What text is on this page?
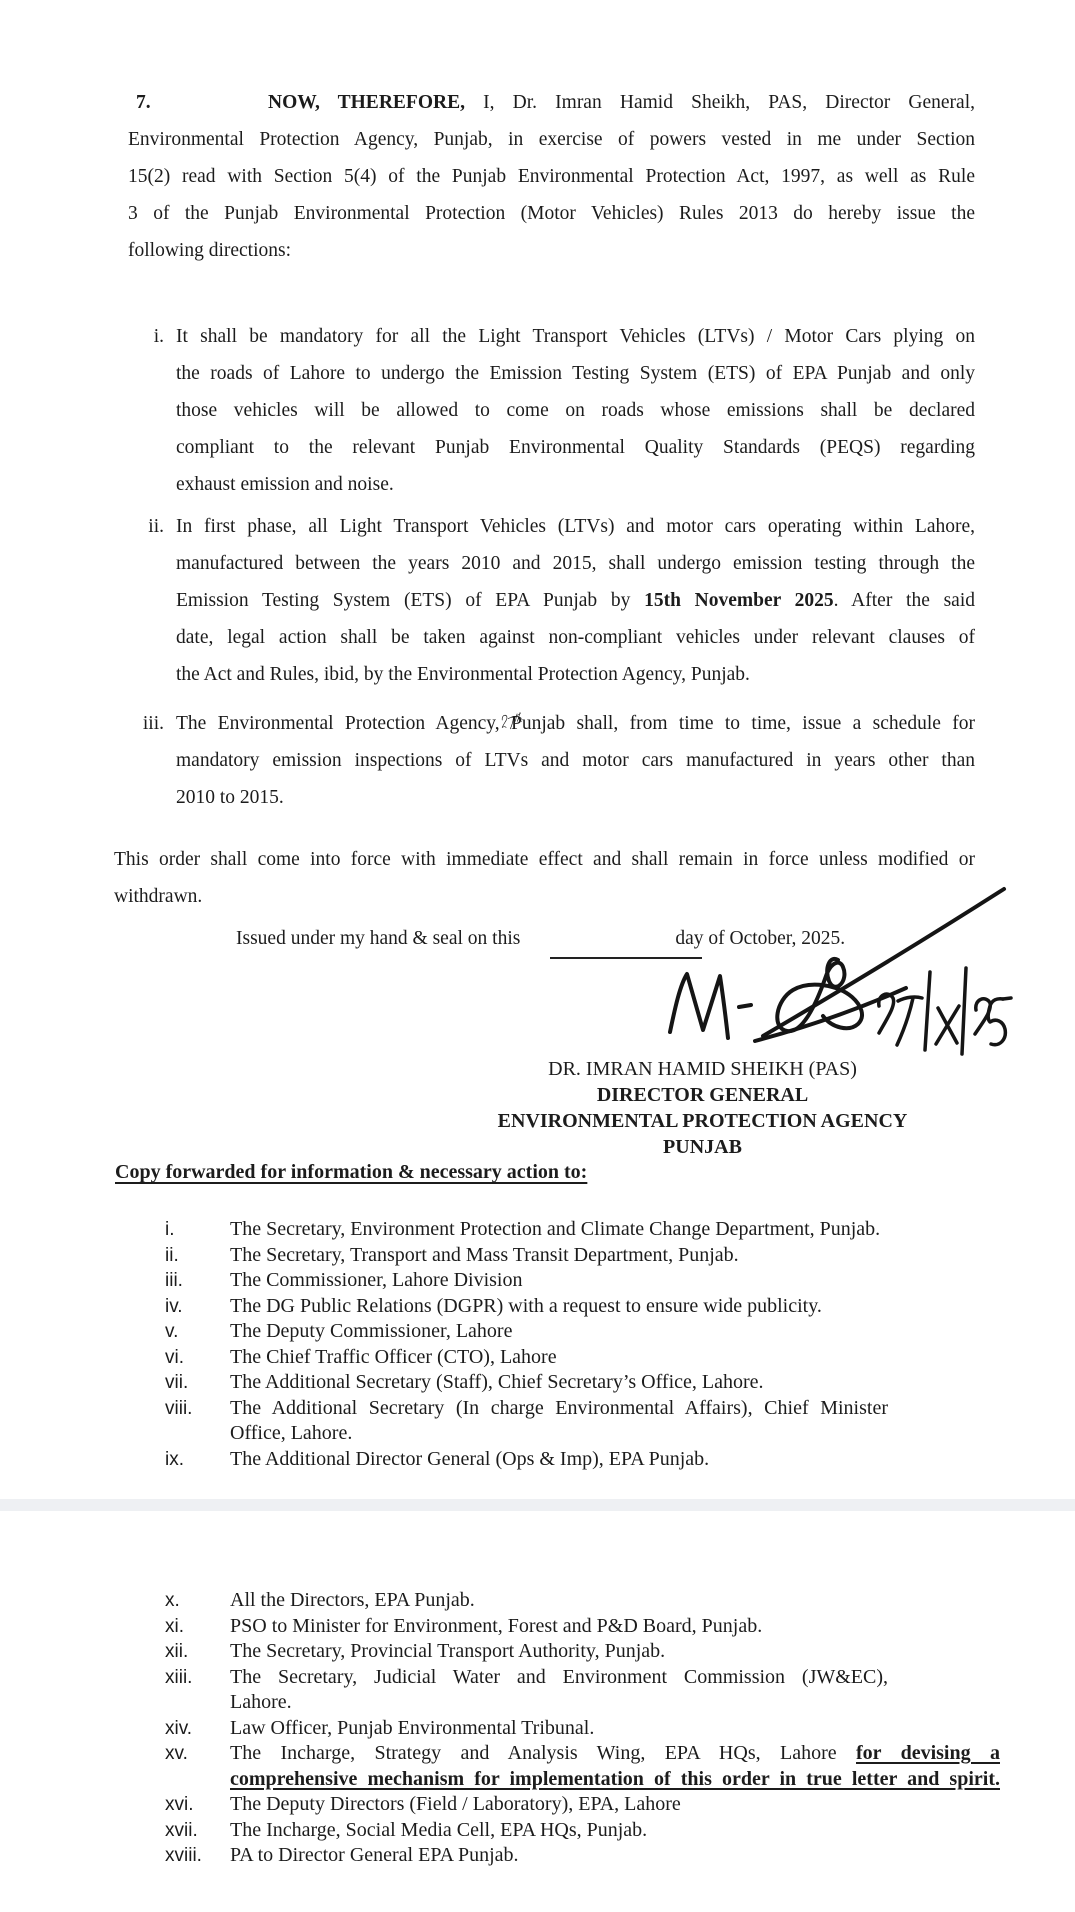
7.	NOW, THEREFORE, I, Dr. Imran Hamid Sheikh, PAS, Director General,
Environmental Protection Agency, Punjab, in exercise of powers vested in me under Section
15(2) read with Section 5(4) of the Punjab Environmental Protection Act, 1997, as well as Rule
3 of the Punjab Environmental Protection (Motor Vehicles) Rules 2013 do hereby issue the
following directions:
i. It shall be mandatory for all the Light Transport Vehicles (LTVs) / Motor Cars plying on
the roads of Lahore to undergo the Emission Testing System (ETS) of EPA Punjab and only
those vehicles will be allowed to come on roads whose emissions shall be declared
compliant to the relevant Punjab Environmental Quality Standards (PEQS) regarding
exhaust emission and noise.
ii. In first phase, all Light Transport Vehicles (LTVs) and motor cars operating within Lahore,
manufactured between the years 2010 and 2015, shall undergo emission testing through the
Emission Testing System (ETS) of EPA Punjab by 15th November 2025. After the said
date, legal action shall be taken against non-compliant vehicles under relevant clauses of
the Act and Rules, ibid, by the Environmental Protection Agency, Punjab.
iii. The Environmental Protection Agency, Punjab shall, from time to time, issue a schedule for
mandatory emission inspections of LTVs and motor cars manufactured in years other than
2010 to 2015.
This order shall come into force with immediate effect and shall remain in force unless modified or
withdrawn.
Issued under my hand & seal on this	day of October, 2025.
DR. IMRAN HAMID SHEIKH (PAS)
DIRECTOR GENERAL
ENVIRONMENTAL PROTECTION AGENCY
PUNJAB
Copy forwarded for information & necessary action to:
i.	The Secretary, Environment Protection and Climate Change Department, Punjab.
ii.	The Secretary, Transport and Mass Transit Department, Punjab.
iii. The Commissioner, Lahore Division
iv. The DG Public Relations (DGPR) with a request to ensure wide publicity.
v.	The Deputy Commissioner, Lahore
vi. The Chief Traffic Officer (CTO), Lahore
vii. The Additional Secretary (Staff), Chief Secretary’s Office, Lahore.
viii. The Additional Secretary (In charge Environmental Affairs), Chief Minister
Office, Lahore.
ix. The Additional Director General (Ops & Imp), EPA Punjab.
x.	All the Directors, EPA Punjab.
xi. PSO to Minister for Environment, Forest and P&D Board, Punjab.
xii. The Secretary, Provincial Transport Authority, Punjab.
xiii. The Secretary, Judicial Water and Environment Commission (JW&EC),
Lahore.
xiv. Law Officer, Punjab Environmental Tribunal.
xv. The Incharge, Strategy and Analysis Wing, EPA HQs, Lahore for devising a
comprehensive mechanism for implementation of this order in true letter and spirit.
xvi. The Deputy Directors (Field / Laboratory), EPA, Lahore
xvii. The Incharge, Social Media Cell, EPA HQs, Punjab.
xviii. PA to Director General EPA Punjab.
